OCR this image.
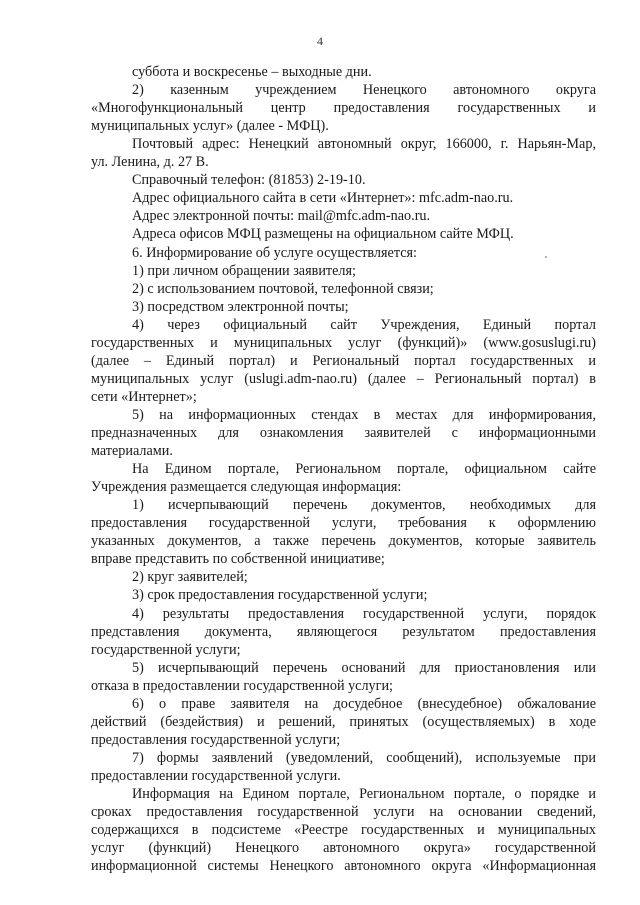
4
суббота и воскресенье – выходные дни.
2) казенным учреждением Ненецкого автономного округа
«Многофункциональный центр предоставления государственных и
муниципальных услуг» (далее - МФЦ).
Почтовый адрес: Ненецкий автономный округ, 166000, г. Нарьян-Мар,
ул. Ленина, д. 27 В.
Справочный телефон: (81853) 2-19-10.
Адрес официального сайта в сети «Интернет»: mfc.adm-nao.ru.
Адрес электронной почты: mail@mfc.adm-nao.ru.
Адреса офисов МФЦ размещены на официальном сайте МФЦ.
6. Информирование об услуге осуществляется:
1) при личном обращении заявителя;
2) с использованием почтовой, телефонной связи;
3) посредством электронной почты;
4) через официальный сайт Учреждения, Единый портал
государственных и муниципальных услуг (функций)» (www.gosuslugi.ru)
(далее – Единый портал) и Региональный портал государственных и
муниципальных услуг (uslugi.adm-nao.ru) (далее – Региональный портал) в
сети «Интернет»;
5) на информационных стендах в местах для информирования,
предназначенных для ознакомления заявителей с информационными
материалами.
На Едином портале, Региональном портале, официальном сайте
Учреждения размещается следующая информация:
1) исчерпывающий перечень документов, необходимых для
предоставления государственной услуги, требования к оформлению
указанных документов, а также перечень документов, которые заявитель
вправе представить по собственной инициативе;
2) круг заявителей;
3) срок предоставления государственной услуги;
4) результаты предоставления государственной услуги, порядок
представления документа, являющегося результатом предоставления
государственной услуги;
5) исчерпывающий перечень оснований для приостановления или
отказа в предоставлении государственной услуги;
6) о праве заявителя на досудебное (внесудебное) обжалование
действий (бездействия) и решений, принятых (осуществляемых) в ходе
предоставления государственной услуги;
7) формы заявлений (уведомлений, сообщений), используемые при
предоставлении государственной услуги.
Информация на Едином портале, Региональном портале, о порядке и
сроках предоставления государственной услуги на основании сведений,
содержащихся в подсистеме «Реестре государственных и муниципальных
услуг (функций) Ненецкого автономного округа» государственной
информационной системы Ненецкого автономного округа «Информационная
